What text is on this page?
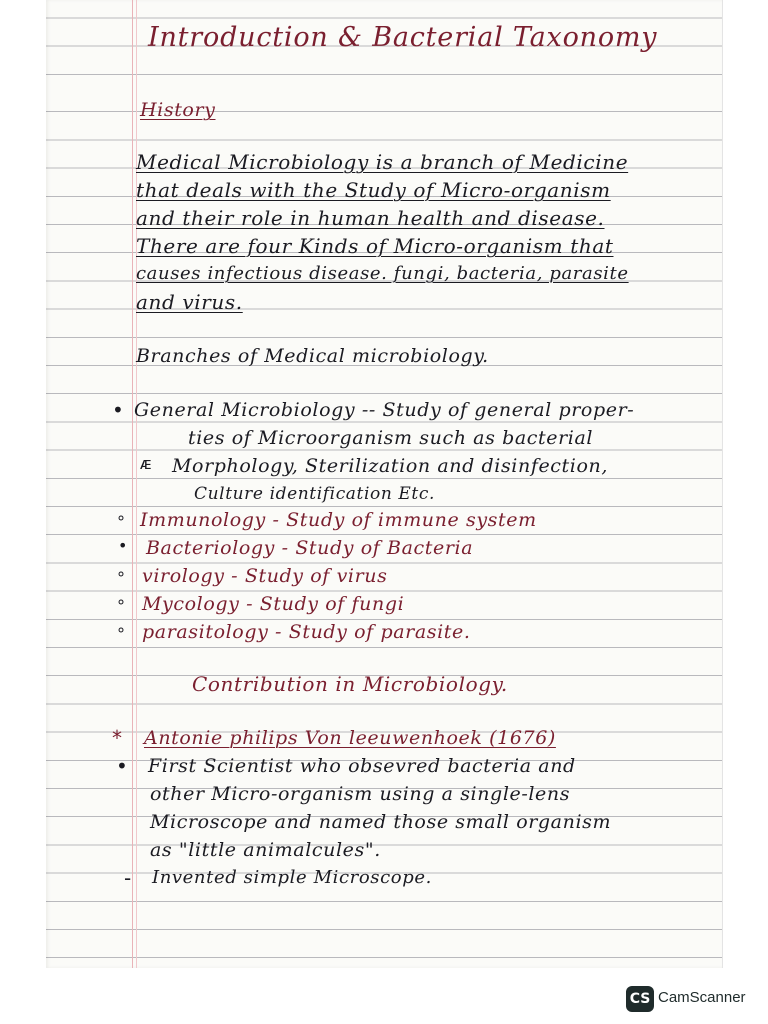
Introduction & Bacterial Taxonomy
History
Medical Microbiology is a branch of Medicine
that deals with the Study of Micro-organism
and their role in human health and disease.
There are four Kinds of Micro-organism that
causes infectious disease. fungi, bacteria, parasite
and virus.
Branches of Medical microbiology.
• General Microbiology -- Study of general proper-
ties of Microorganism such as bacterial
ᴁ Morphology, Sterilization and disinfection,
Culture identification Etc.
∘ Immunology - Study of immune system
• Bacteriology - Study of Bacteria
∘ virology - Study of virus
∘ Mycology - Study of fungi
∘ parasitology - Study of parasite.
Contribution in Microbiology.
* Antonie philips Von leeuwenhoek (1676)
• First Scientist who obsevred bacteria and
other Micro-organism using a single-lens
Microscope and named those small organism
as "little animalcules".
- Invented simple Microscope.
CS CamScanner
